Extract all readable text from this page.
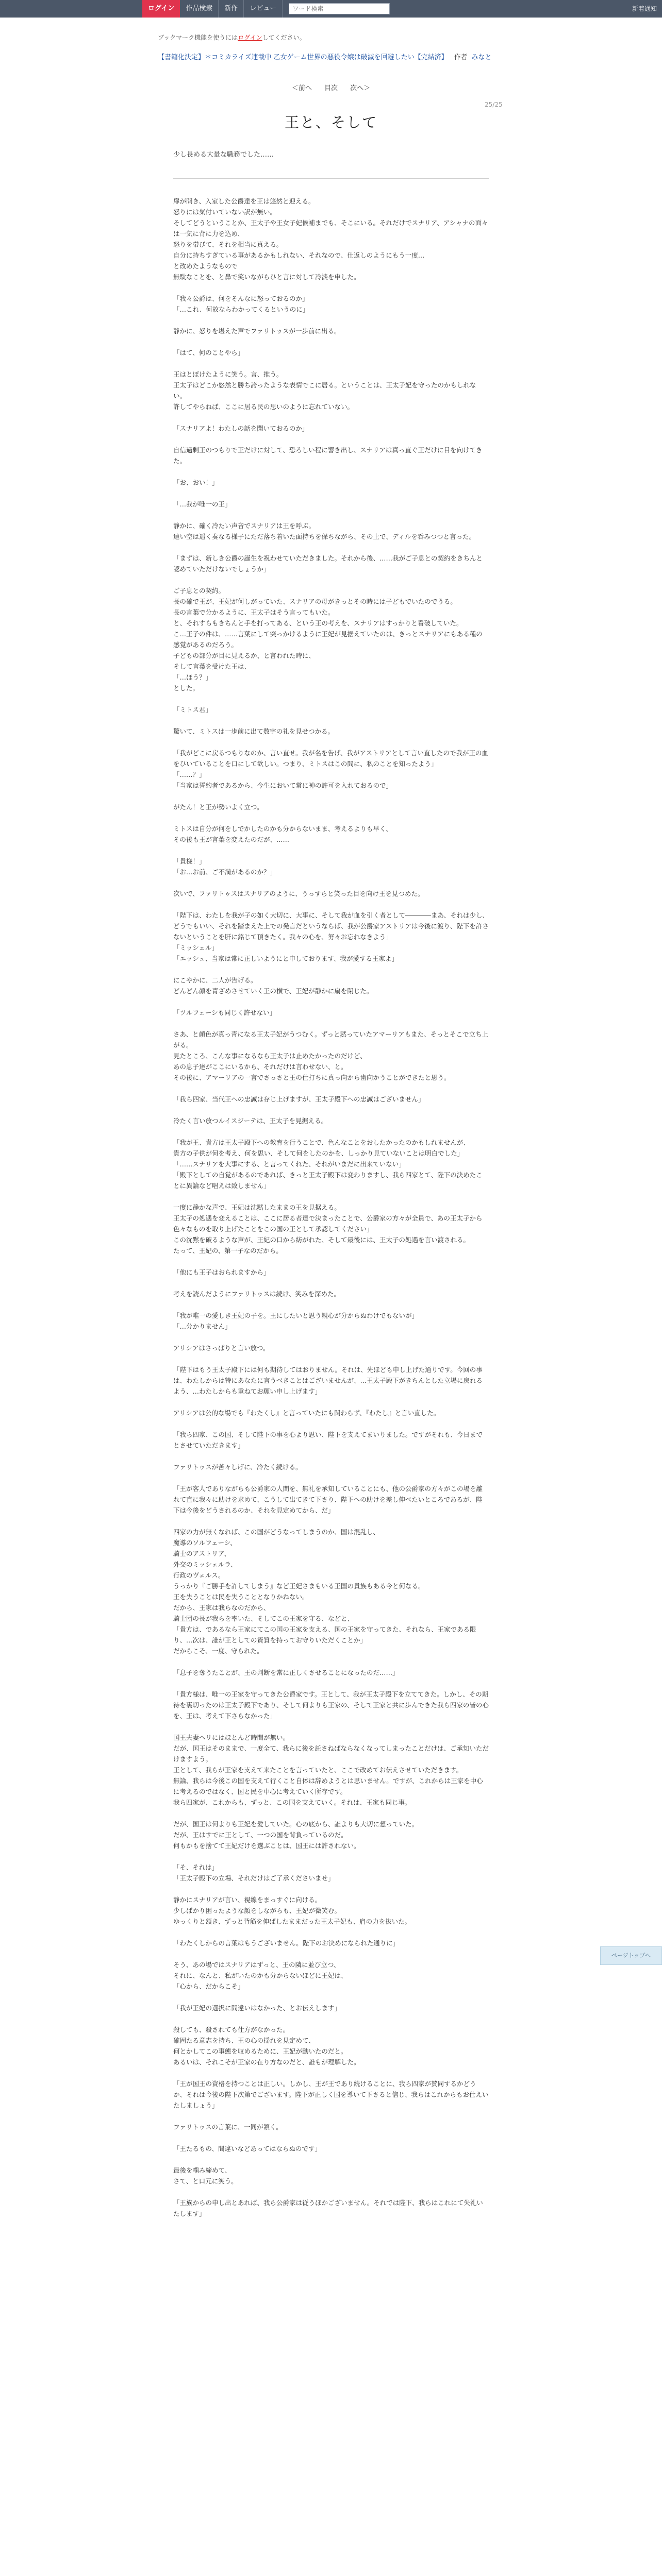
ログイン	作品検索	新作	レビュー
ワード検索	新着通知
ブックマーク機能を使うにはログインしてください。
【書籍化決定】＊コミカライズ連載中 乙女ゲーム世界の悪役令嬢は破滅を回避したい【完結済】 作者 みなと
＜前へ 目次 次へ＞
25/25
王と、そして
少し長める大量な職務でした……

扉が開き、入室した公爵達を王は悠然と迎える。
怒りには気付いていない訳が無い。
そしてどうということか、王太子や王女子妃候補までも、そこにいる。それだけでスナリア、アシャナの面々は一気に背に力を込め、
怒りを帯びて、それを相当に真える。
自分に持ちすぎている事があるかもしれない、それなので、仕返しのようにもう一度…
と改めたようなもので
無駄なことを、と鼻で笑いながらひと言に対して冷淡を申した。

「我々公爵は、何をそんなに怒っておるのか」
「…これ、何故ならわかってくるというのに」

静かに、怒りを堪えた声でファリトゥスが一歩前に出る。

「はて、何のことやら」

王はとぼけたように笑う。言、推う。
王太子はどこか悠然と勝ち誇ったような表情でこに居る。ということは、王太子妃を守ったのかもしれない。
許してやらねば、ここに居る民の思いのように忘れていない。

「スナリアよ！わたしの話を聞いておるのか」

自信過剰王のつもりで王だけに対して、恐ろしい程に響き出し、スナリアは真っ直ぐ王だけに目を向けてきた。

「お、おい！」

「…我が唯一の王」

静かに、確く冷たい声音でスナリアは王を呼ぶ。
遠い空は遥く奏なる様子にただ落ち着いた面持ちを保ちながら、その上で、ディルを呑みつつと言った。

「まずは、新しき公爵の誕生を祝わせていただきました。それから後、……我がご子息との契約をきちんと認めていただけないでしょうか」

ご子息との契約。
長の確で王が、王妃が何しがっていた、スナリアの母がきっとその時には子どもでいたのでうる。
長の言葉で分かるように、王太子はそう言ってもいた。
と、それすらもきちんと手を打ってある、という王の考えを、スナリアはすっかりと看破していた。
こ…王子の件は、……言葉にして突っかけるように王妃が見据えていたのは、きっとスナリアにもある種の感覚があるのだろう。
子どもの部分が目に見えるか、と言われた時に、
そして言葉を受けた王は、
「…ほう？」
とした。

「ミトス君」

驚いて、ミトスは一歩前に出て数字の礼を見せつかる。

「我がどこに戻るつもりなのか、言い直せ。我が名を告げ、我がアストリアとして言い直したので我が王の血をひいていることを口にして欲しい。つまり、ミトスはこの間に、私のことを知ったよう」
「……？」
「当家は誓約者であるから、今生において常に神の許可を入れておるので」

がたん！と王が勢いよく立つ。

ミトスは自分が何をしでかしたのかも分からないまま、考えるよりも早く、
その後も王が言葉を変えたのだが、……

「貴様！」
「お…お前、ご不満があるのか？」

次いで、ファリトゥスはスナリアのように、うっすらと笑った目を向け王を見つめた。

「陛下は、わたしを我が子の如く大切に、大事に、そして我が血を引く者として――――まあ、それは少し、どうでもいい、それを踏まえた上での発言だというならば、我が公爵家アストリアは今後に渡り、陛下を許さないということを肝に銘じて頂きたく。我々の心を、努々お忘れなきよう」
「ミッシェル」
「エッシュ、当家は常に正しいようにと申しております、我が愛する王家よ」

にこやかに、二人が告げる。
どんどん顔を青ざめさせていく王の横で、王妃が静かに扇を閉じた。

「ツルフェーシも同じく許せない」

さあ、と顔色が真っ青になる王太子妃がうつむく。ずっと黙っていたアマーリアもまた、そっとそこで立ち上がる。
見たところ、こんな事になるなら王太子は止めたかったのだけど、
あの息子達がここにいるから、それだけは言わせない、と。
その後に、アマーリアの一言でさっさと王の仕打ちに真っ向から歯向かうことができたと思う。

「我ら四家、当代王への忠誠は存じ上げますが、王太子殿下への忠誠はございません」

冷たく言い放つルイスジーテは、王太子を見据える。

「我が王、貴方は王太子殿下への教育を行うことで、色んなことをおしたかったのかもしれませんが、
貴方の子供が何を考え、何を思い、そして何をしたのかを、しっかり見ていないことは明白でした」
「……スナリアを大事にする、と言ってくれた、それがいまだに出来ていない」
「殿下としての自覚があるのであれば、きっと王太子殿下は変わりますし、我ら四家とて、陛下の決めたことに異論など唱えは致しません」

一度に静かな声で、王妃は沈黙したままの王を見据える。
王太子の処遇を変えることは、ここに居る者達で決まったことで、公爵家の方々が全員で、あの王太子から色々なものを取り上げたことをこの国の王として承認してください」
この沈黙を破るような声が、王妃の口から紡がれた、そして最後には、王太子の処遇を言い渡される。
たって、王妃の、第一子なのだから。

「他にも王子はおられますから」

考えを読んだようにファリトゥスは続け、笑みを深めた。

「我が唯一の愛しき王妃の子を。王にしたいと思う親心が分からぬわけでもないが」
「…分かりません」

アリシアはさっぱりと言い放つ。

「陛下はもう王太子殿下には何も期待してはおりません。それは、先ほども申し上げた通りです。今回の事は、わたしからは特にあなたに言うべきことはございませんが、…王太子殿下がきちんとした立場に戻れるよう、…わたしからも重ねてお願い申し上げます」

アリシアは公的な場でも『わたくし』と言っていたにも関わらず、『わたし』と言い直した。

「我ら四家、この国、そして陛下の事を心より思い、陛下を支えてまいりました。ですがそれも、今日までとさせていただきます」

ファリトゥスが苦々しげに、冷たく続ける。

「王が客人でありながらも公爵家の人間を、無礼を承知していることにも、他の公爵家の方々がこの場を離れて直に我々に助けを求めて、こうして出てきて下さり、陛下への助けを差し伸べたいところであるが、陛下は今後をどうされるのか、それを見定めてから、だ」

四家の力が無くなれば、この国がどうなってしまうのか、国は混乱し、
魔導のソルフェーシ、
騎士のアストリア、
外交のミッシェルラ、
行政のヴェルス。
うっかり『ご勝手を許してしまう』など王妃さまもいる王国の貴族もある今と何なる。
王を失うことは民を失うこととなりかねない。
だから、王家は我らなのだから、
騎士団の長が我らを率いた、そしてこの王家を守る、などと、
「貴方は、であるなら王家にてこの国の王家を支える、国の王家を守ってきた、それなら、王家である限り、…次は、誰が王としての資質を持ってお守りいただくことか」
だからこそ、一度、守られた。

「息子を奪うたことが、王の判断を常に正しくさせることになったのだ……」

「貴方様は、唯一の王家を守ってきた公爵家です。王として、我が王太子殿下を立ててきた。しかし、その期待を裏切ったのは王太子殿下であり、そして何よりも王家の、そして王家と共に歩んできた我ら四家の皆の心を、王は、考えて下さらなかった」

国王夫妻ヘリにはほとんど時間が無い。
だが、国王はそのままで、一度全て、我らに後を託さねばならなくなってしまったことだけは、ご承知いただけますよう。
王として、我らが王家を支えて来たことを言っていたと、ここで改めてお伝えさせていただきます。
無論、我らは今後この国を支えて行くこと自体は辞めようとは思いません。ですが、これからは王家を中心に考えるのではなく、国と民を中心に考えていく所存です。
我ら四家が、これからも、ずっと、この国を支えていく。それは、王家も同じ事。

だが、国王は何よりも王妃を愛していた。心の底から、誰よりも大切に想っていた。
だが、王はすでに王として、一つの国を背負っているのだ。
何もかもを捨てて王妃だけを選ぶことは、国王には許されない。

「そ、それは」
「王太子殿下の立場、それだけはご了承くださいませ」

静かにスナリアが言い、視線をまっすぐに向ける。
少しばかり困ったような顔をしながらも、王妃が微笑む。
ゆっくりと頷き、ずっと背筋を伸ばしたままだった王太子妃も、肩の力を抜いた。

「わたくしからの言葉はもうございません。陛下のお決めになられた通りに」

そう、あの場ではスナリアはずっと、王の隣に並び立つ、
それに、なんと、私がいたのかも分からないほどに王妃は、
「心から、だからこそ」

「我が王妃の選択に間違いはなかった、とお伝えします」

殺しても、殺されても仕方がなかった。
確固たる意志を持ち、王の心の揺れを見定めて、
何とかしてこの事態を収めるために、王妃が動いたのだと。
あるいは、それこそが王家の在り方なのだと、誰もが理解した。

「王が国王の資格を持つことは正しい。しかし、王が王であり続けることに、我ら四家が賛同するかどうか、それは今後の陛下次第でございます。陛下が正しく国を導いて下さると信じ、我らはこれからもお仕えいたしましょう」

ファリトゥスの言葉に、一同が頷く。

「王たるもの、間違いなどあってはならぬのです」

最後を噛み締めて、
さて、と口元に笑う。

「王族からの申し出とあれば、我ら公爵家は従うほかございません。それでは陛下、我らはこれにて失礼いたします」

ページトップへ
